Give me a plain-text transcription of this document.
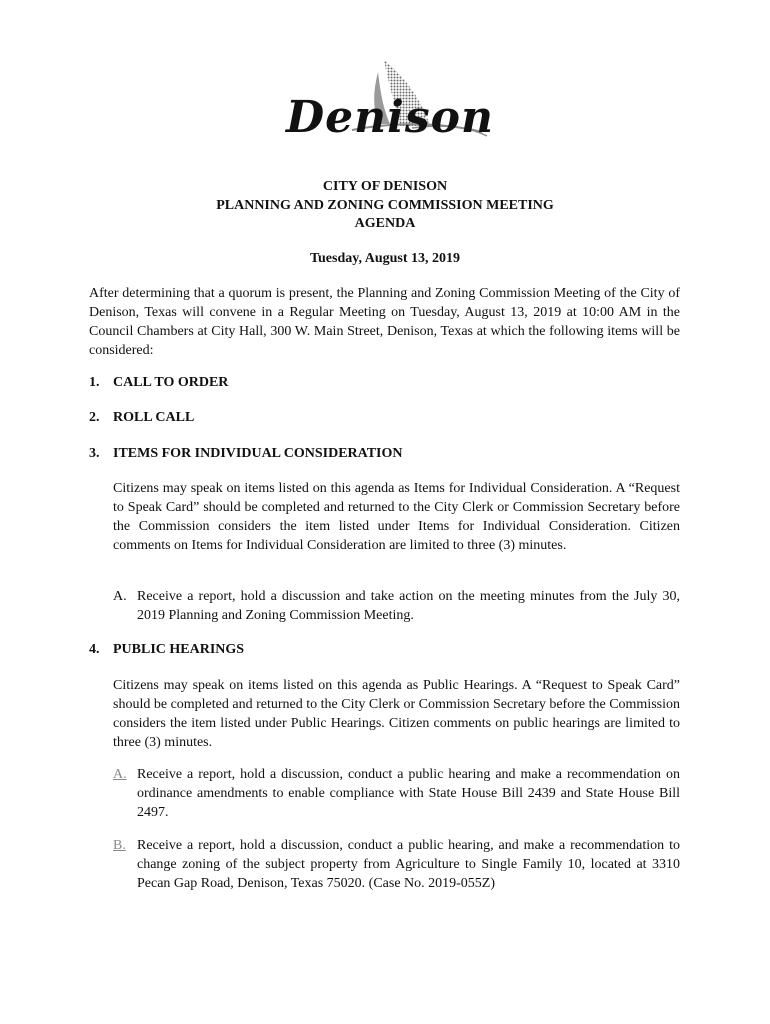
Denison
CITY OF DENISON
PLANNING AND ZONING COMMISSION MEETING
AGENDA
Tuesday, August 13, 2019
After determining that a quorum is present, the Planning and Zoning Commission Meeting of the City of Denison, Texas will convene in a Regular Meeting on Tuesday, August 13, 2019 at 10:00 AM in the Council Chambers at City Hall, 300 W. Main Street, Denison, Texas at which the following items will be considered:
1. CALL TO ORDER
2. ROLL CALL
3. ITEMS FOR INDIVIDUAL CONSIDERATION
Citizens may speak on items listed on this agenda as Items for Individual Consideration. A “Request to Speak Card” should be completed and returned to the City Clerk or Commission Secretary before the Commission considers the item listed under Items for Individual Consideration. Citizen comments on Items for Individual Consideration are limited to three (3) minutes.
A. Receive a report, hold a discussion and take action on the meeting minutes from the July 30, 2019 Planning and Zoning Commission Meeting.
4. PUBLIC HEARINGS
Citizens may speak on items listed on this agenda as Public Hearings. A “Request to Speak Card” should be completed and returned to the City Clerk or Commission Secretary before the Commission considers the item listed under Public Hearings. Citizen comments on public hearings are limited to three (3) minutes.
A. Receive a report, hold a discussion, conduct a public hearing and make a recommendation on ordinance amendments to enable compliance with State House Bill 2439 and State House Bill 2497.
B. Receive a report, hold a discussion, conduct a public hearing, and make a recommendation to change zoning of the subject property from Agriculture to Single Family 10, located at 3310 Pecan Gap Road, Denison, Texas 75020. (Case No. 2019-055Z)
